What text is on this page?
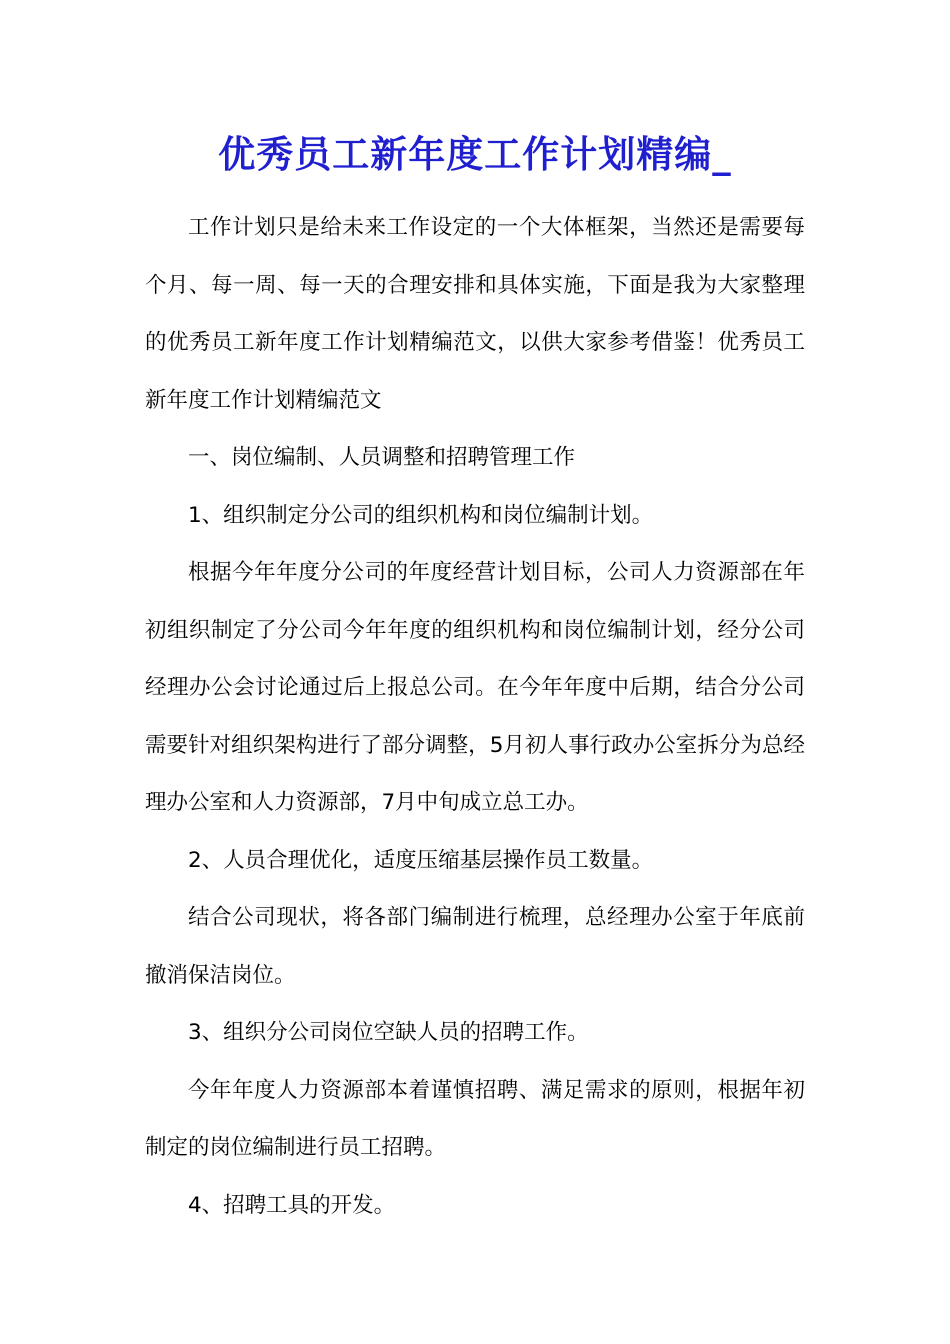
优秀员工新年度工作计划精编_

工作计划只是给未来工作设定的一个大体框架，当然还是需要每个月、每一周、每一天的合理安排和具体实施，下面是我为大家整理的优秀员工新年度工作计划精编范文，以供大家参考借鉴！优秀员工新年度工作计划精编范文

一、岗位编制、人员调整和招聘管理工作

1、组织制定分公司的组织机构和岗位编制计划。

根据今年年度分公司的年度经营计划目标，公司人力资源部在年初组织制定了分公司今年年度的组织机构和岗位编制计划，经分公司经理办公会讨论通过后上报总公司。在今年年度中后期，结合分公司需要针对组织架构进行了部分调整，5月初人事行政办公室拆分为总经理办公室和人力资源部，7月中旬成立总工办。

2、人员合理优化，适度压缩基层操作员工数量。

结合公司现状，将各部门编制进行梳理，总经理办公室于年底前撤消保洁岗位。

3、组织分公司岗位空缺人员的招聘工作。

今年年度人力资源部本着谨慎招聘、满足需求的原则，根据年初制定的岗位编制进行员工招聘。

4、招聘工具的开发。
